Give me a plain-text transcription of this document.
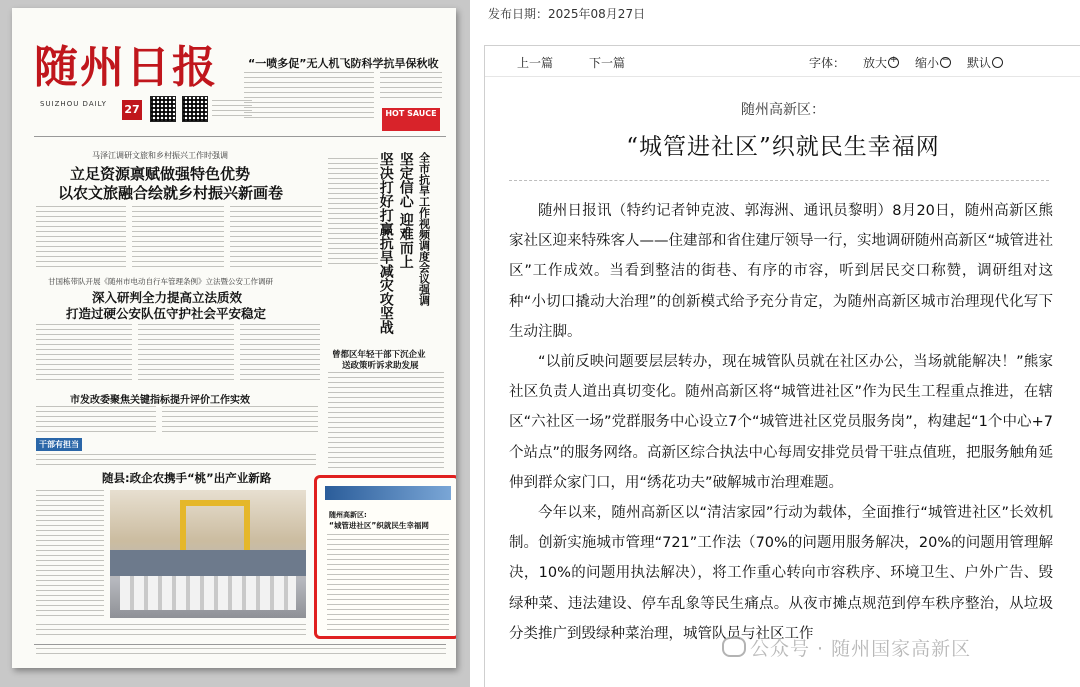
随州日报
SUIZHOU DAILY 27
“一喷多促”无人机飞防科学抗旱保秋收
HOT SAUCE
马泽江调研文旅和乡村振兴工作时强调
立足资源禀赋做强特色优势
以农文旅融合绘就乡村振兴新画卷	全市抗旱工作视频调度会议强调
坚定信心 迎难而上
坚决打好打赢抗旱减灾攻坚战
甘国栋带队开展《随州市电动自行车管理条例》立法暨公安工作调研
深入研判全力提高立法质效
打造过硬公安队伍守护社会平安稳定
曾都区年轻干部下沉企业
送政策听诉求助发展
市发改委聚焦关键指标提升评价工作实效
干部有担当
随县:政企农携手“桃”出产业新路
随州高新区:
“城管进社区”织就民生幸福网
发布日期：2025年08月27日
上一篇	下一篇	字体： 放大 +	缩小 −	默认
随州高新区：
“城管进社区”织就民生幸福网

随州日报讯（特约记者钟克波、郭海洲、通讯员黎明）8月20日，随州高新区熊家社区迎来特殊客人——住建部和省住建厅领导一行，实地调研随州高新区“城管进社区”工作成效。当看到整洁的街巷、有序的市容，听到居民交口称赞，调研组对这种“小切口撬动大治理”的创新模式给予充分肯定，为随州高新区城市治理现代化写下生动注脚。

“以前反映问题要层层转办，现在城管队员就在社区办公，当场就能解决！”熊家社区负责人道出真切变化。随州高新区将“城管进社区”作为民生工程重点推进，在辖区“六社区一场”党群服务中心设立7个“城管进社区党员服务岗”，构建起“1个中心+7个站点”的服务网络。高新区综合执法中心每周安排党员骨干驻点值班，把服务触角延伸到群众家门口，用“绣花功夫”破解城市治理难题。

今年以来，随州高新区以“清洁家园”行动为载体，全面推行“城管进社区”长效机制。创新实施城市管理“721”工作法（70%的问题用服务解决，20%的问题用管理解决，10%的问题用执法解决），将工作重心转向市容秩序、环境卫生、户外广告、毁绿种菜、违法建设、停车乱象等民生痛点。从夜市摊点规范到停车秩序整治，从垃圾分类推广到毁绿种菜治理，城管队员与社区工作

公众号 · 随州国家高新区
